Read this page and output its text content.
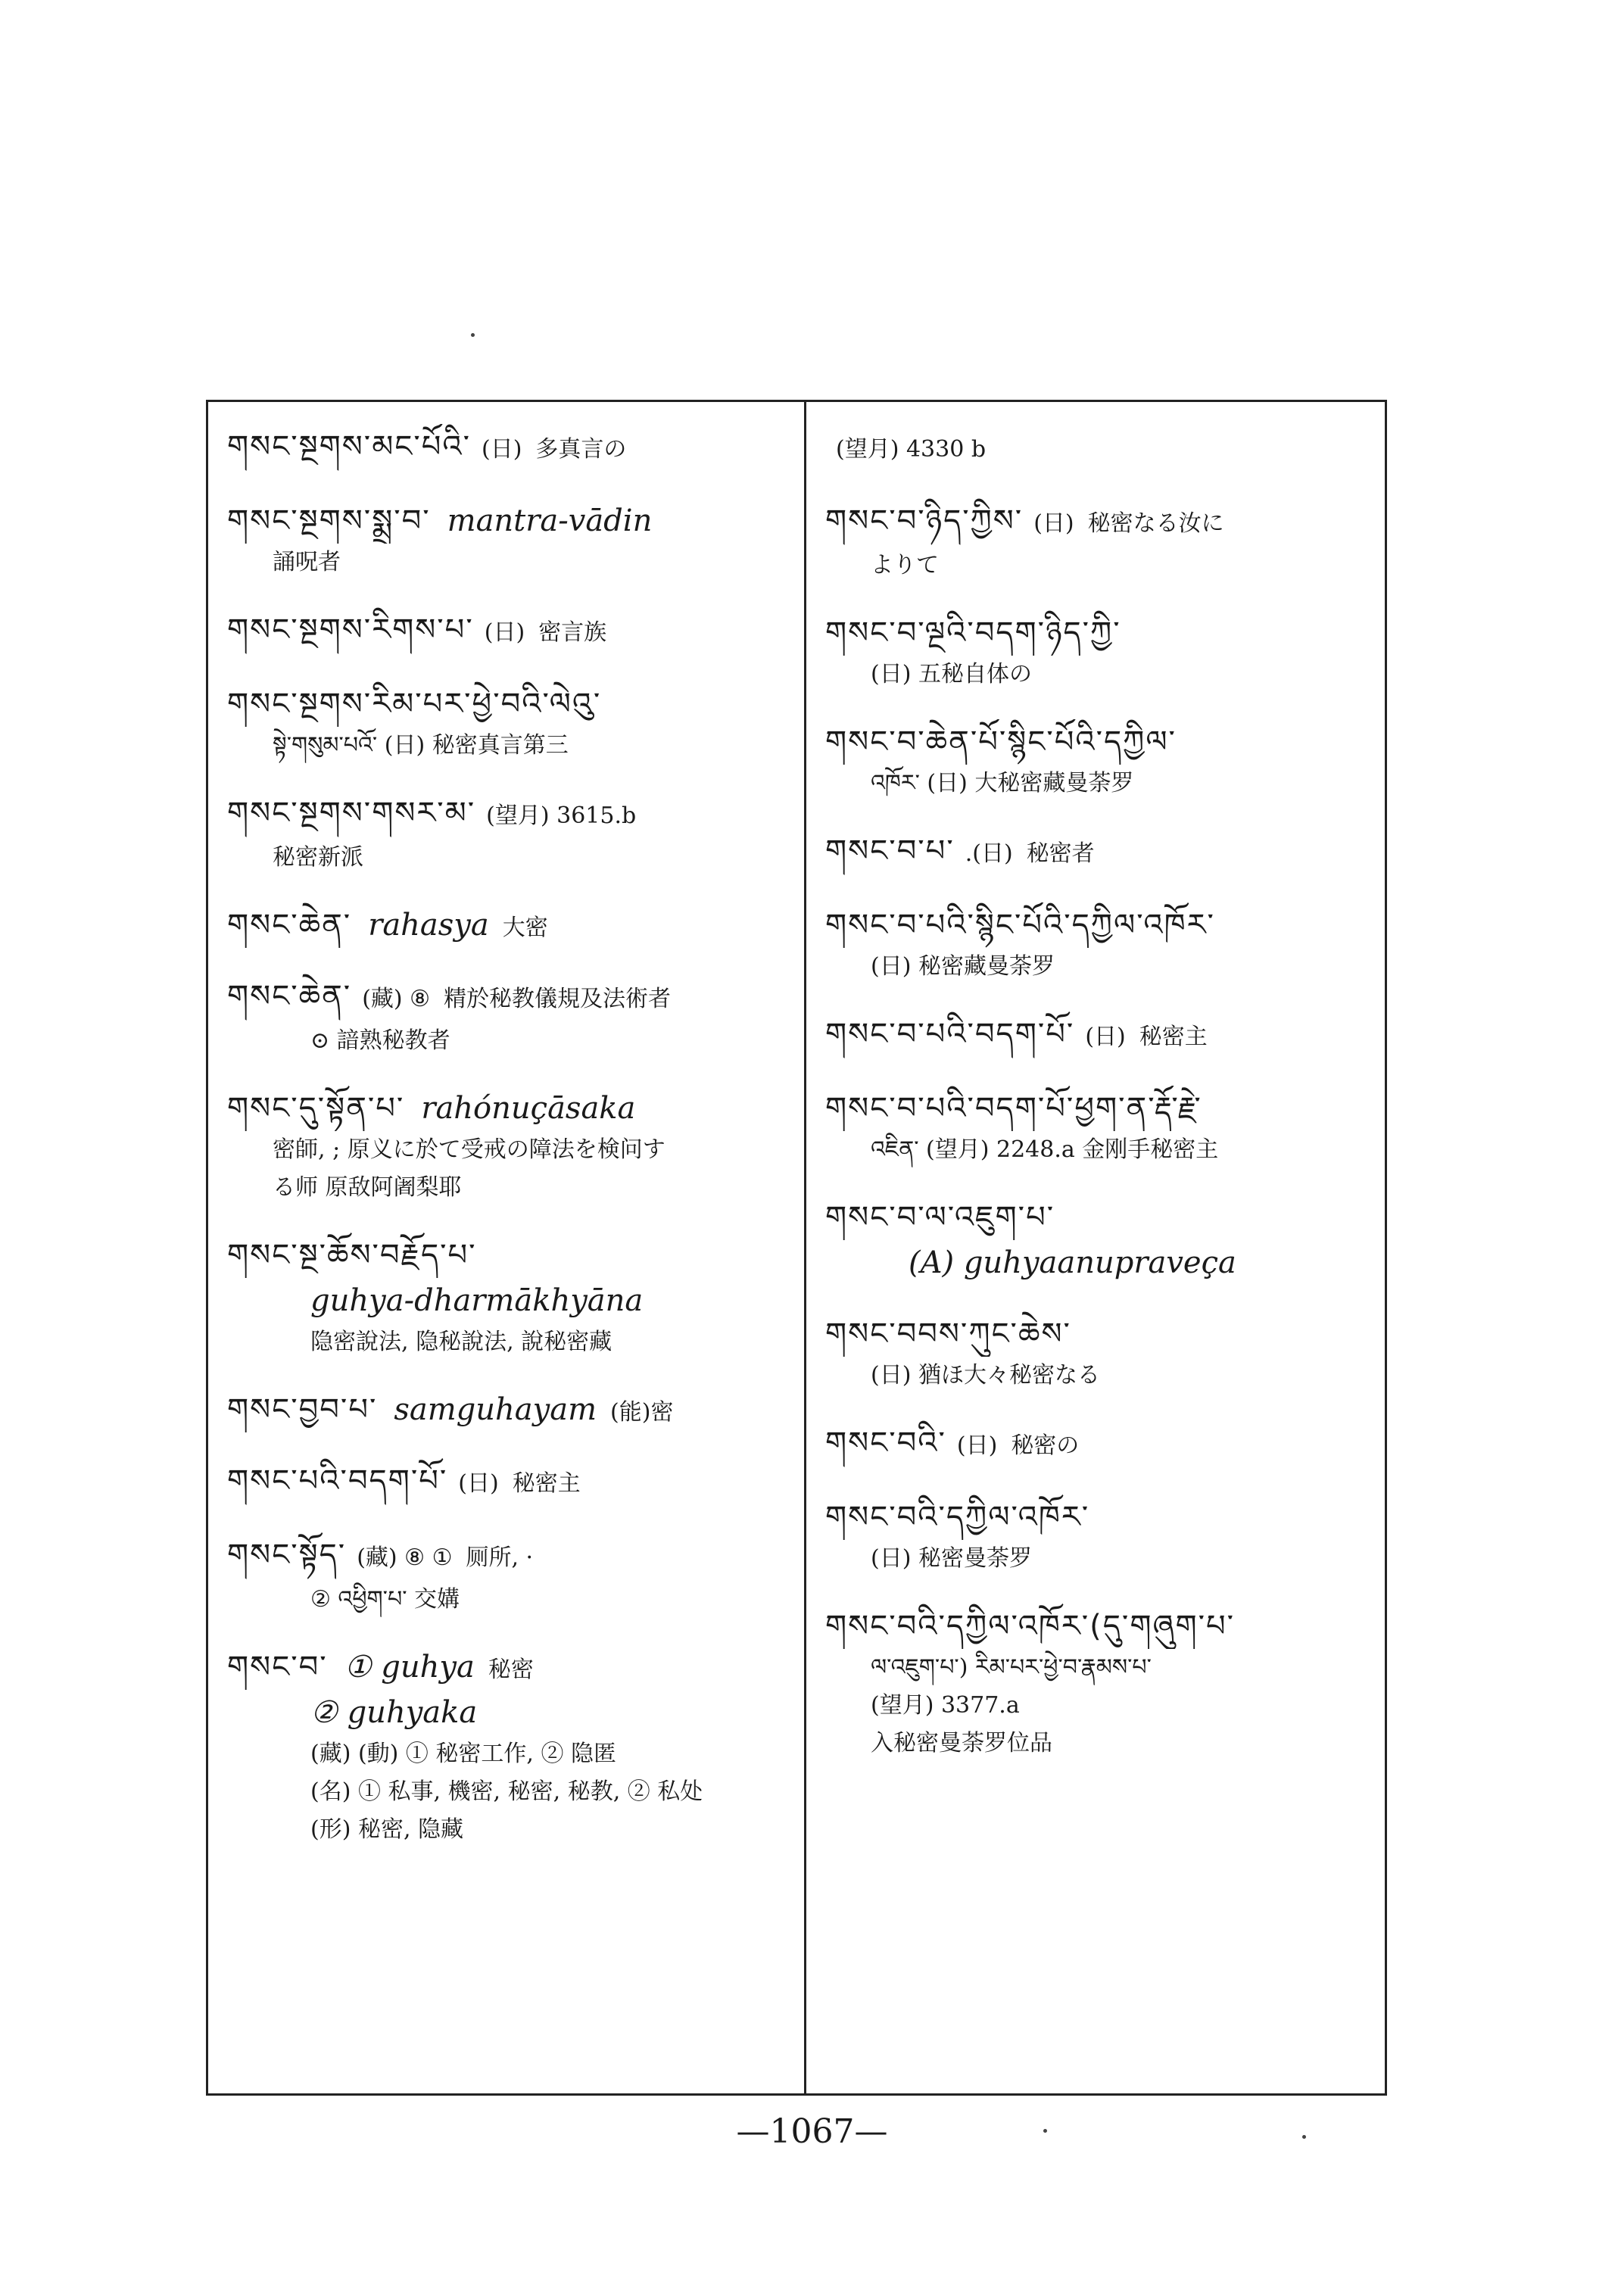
གསང་སྔགས་མང་པོའི་ (日) 多真言の
གསང་སྔགས་སྨྲ་བ་ mantra-vādin
誦呪者
གསང་སྔགས་རིགས་པ་ (日) 密言族
གསང་སྔགས་རིམ་པར་ཕྱེ་བའི་ལེའུ་
སྟེ་གསུམ་པའོ་ (日) 秘密真言第三
གསང་སྔགས་གསར་མ་ (望月) 3615.b
秘密新派
གསང་ཆེན་ rahasya 大密
གསང་ཆེན་ (藏) ⑧ 精於秘教儀規及法術者
⊙ 諳熟秘教者
གསང་དུ་སྟོན་པ་ rahónuçāsaka
密師, ; 原义に於て受戒の障法を検问す
る师 原敌阿阇梨耶
གསང་སྔ་ཆོས་བརྗོད་པ་
guhya-dharmākhyāna
隐密說法, 隐秘說法, 說秘密藏
གསང་བྱབ་པ་ samguhayam (能)密
གསང་པའི་བདག་པོ་ (日) 秘密主
གསང་སྟོད་ (藏) ⑧ ① 厕所, ·
② འཕྱིག་པ་ 交媾
གསང་བ་ ① guhya 秘密
② guhyaka
(藏) (動) ① 秘密工作, ② 隐匿
(名) ① 私事, 機密, 秘密, 秘教, ② 私处
(形) 秘密, 隐藏
(望月) 4330 b
གསང་བ་ཉིད་ཀྱིས་ (日) 秘密なる汝に
よりて
གསང་བ་ལྔའི་བདག་ཉིད་ཀྱི་
(日) 五秘自体の
གསང་བ་ཆེན་པོ་སྙིང་པོའི་དཀྱིལ་
འཁོར་ (日) 大秘密藏曼荼罗
གསང་བ་པ་ .(日) 秘密者
གསང་བ་པའི་སྙིང་པོའི་དཀྱིལ་འཁོར་
(日) 秘密藏曼荼罗
གསང་བ་པའི་བདག་པོ་ (日) 秘密主
གསང་བ་པའི་བདག་པོ་ཕྱག་ན་རྡོ་རྗེ་
འཇིན་ (望月) 2248.a 金刚手秘密主
གསང་བ་ལ་འཇུག་པ་
(A) guhyaanupraveça
གསང་བབས་ཀུང་ཆེས་
(日) 猶ほ大々秘密なる
གསང་བའི་ (日) 秘密の
གསང་བའི་དཀྱིལ་འཁོར་
(日) 秘密曼荼罗
གསང་བའི་དཀྱིལ་འཁོར་(དུ་གཞུག་པ་
ལ་འཇུག་པ་) རིམ་པར་ཕྱེ་བ་རྣམས་པ་
(望月) 3377.a
入秘密曼荼罗位品
—1067—
